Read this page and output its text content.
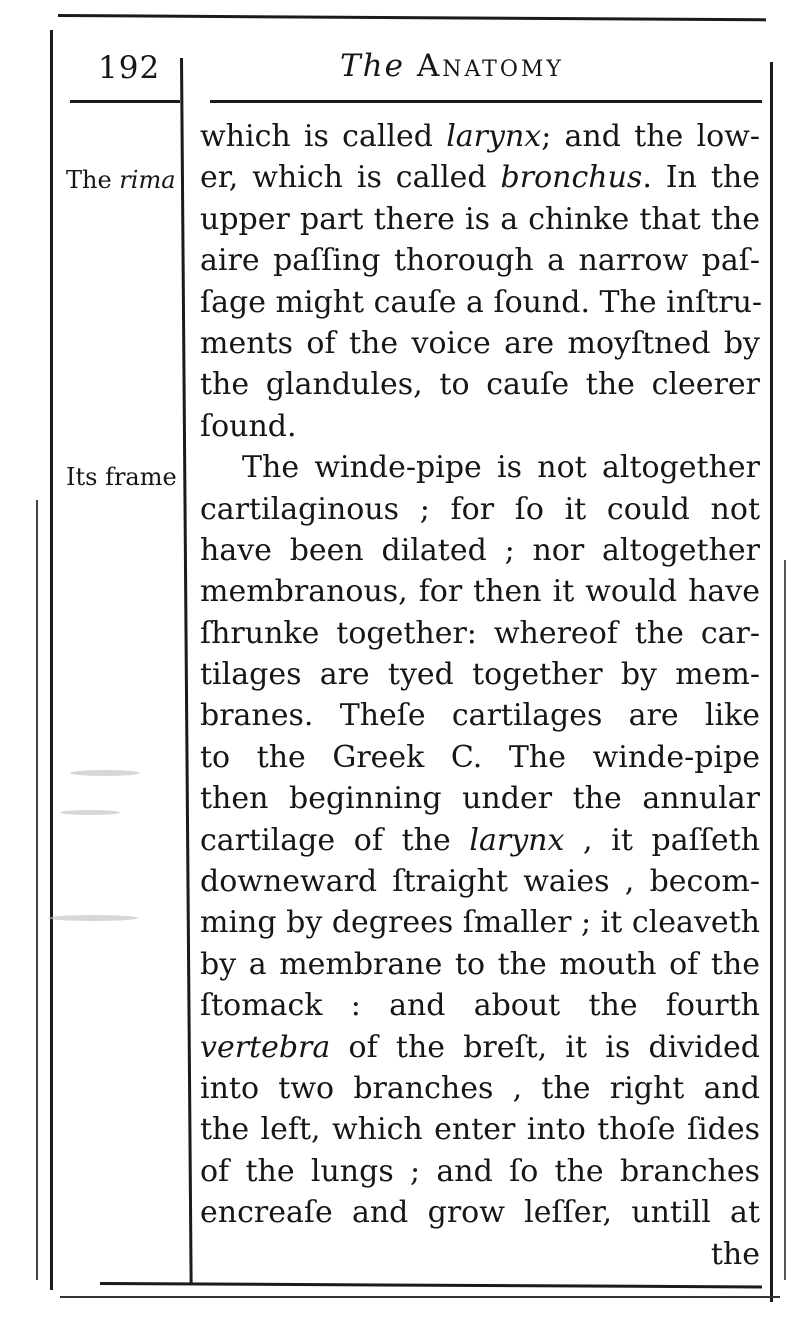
192	The Anatomy
The rima
Its frame
which is called larynx; and the low-
er, which is called bronchus. In the
upper part there is a chinke that the
aire paſſing thorough a narrow paſ-
ſage might cauſe a ſound. The inſtru-
ments of the voice are moyſtned by
the glandules, to cauſe the cleerer
ſound.
The winde-pipe is not altogether
cartilaginous ; for ſo it could not
have been dilated ; nor altogether
membranous, for then it would have
ſhrunke together: whereof the car-
tilages are tyed together by mem-
branes. Theſe cartilages are like
to the Greek C. The winde-pipe
then beginning under the annular
cartilage of the larynx , it paſſeth
downeward ſtraight waies , becom-
ming by degrees ſmaller ; it cleaveth
by a membrane to the mouth of the
ſtomack : and about the fourth
vertebra of the breſt, it is divided
into two branches , the right and
the left, which enter into thoſe ſides
of the lungs ; and ſo the branches
encreaſe and grow leſſer, untill at
the
